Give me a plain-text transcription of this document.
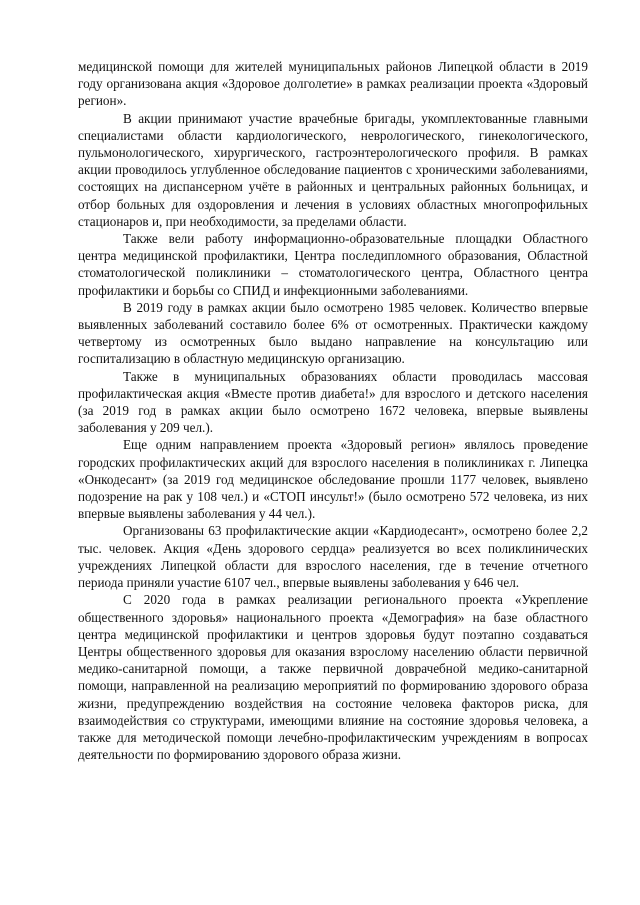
медицинской помощи для жителей муниципальных районов Липецкой области в 2019 году организована акция «Здоровое долголетие» в рамках реализации проекта «Здоровый регион».

В акции принимают участие врачебные бригады, укомплектованные главными специалистами области кардиологического, неврологического, гинекологического, пульмонологического, хирургического, гастроэнтерологического профиля. В рамках акции проводилось углубленное обследование пациентов с хроническими заболеваниями, состоящих на диспансерном учёте в районных и центральных районных больницах, и отбор больных для оздоровления и лечения в условиях областных многопрофильных стационаров и, при необходимости, за пределами области.

Также вели работу информационно-образовательные площадки Областного центра медицинской профилактики, Центра последипломного образования, Областной стоматологической поликлиники – стоматологического центра, Областного центра профилактики и борьбы со СПИД и инфекционными заболеваниями.

В 2019 году в рамках акции было осмотрено 1985 человек. Количество впервые выявленных заболеваний составило более 6% от осмотренных. Практически каждому четвертому из осмотренных было выдано направление на консультацию или госпитализацию в областную медицинскую организацию.

Также в муниципальных образованиях области проводилась массовая профилактическая акция «Вместе против диабета!» для взрослого и детского населения (за 2019 год в рамках акции было осмотрено 1672 человека, впервые выявлены заболевания у 209 чел.).

Еще одним направлением проекта «Здоровый регион» являлось проведение городских профилактических акций для взрослого населения в поликлиниках г. Липецка «Онкодесант» (за 2019 год медицинское обследование прошли 1177 человек, выявлено подозрение на рак у 108 чел.) и «СТОП инсульт!» (было осмотрено 572 человека, из них впервые выявлены заболевания у 44 чел.).

Организованы 63 профилактические акции «Кардиодесант», осмотрено более 2,2 тыс. человек. Акция «День здорового сердца» реализуется во всех поликлинических учреждениях Липецкой области для взрослого населения, где в течение отчетного периода приняли участие 6107 чел., впервые выявлены заболевания у 646 чел.

С 2020 года в рамках реализации регионального проекта «Укрепление общественного здоровья» национального проекта «Демография» на базе областного центра медицинской профилактики и центров здоровья будут поэтапно создаваться Центры общественного здоровья для оказания взрослому населению области первичной медико-санитарной помощи, а также первичной доврачебной медико-санитарной помощи, направленной на реализацию мероприятий по формированию здорового образа жизни, предупреждению воздействия на состояние человека факторов риска, для взаимодействия со структурами, имеющими влияние на состояние здоровья человека, а также для методической помощи лечебно-профилактическим учреждениям в вопросах деятельности по формированию здорового образа жизни.
